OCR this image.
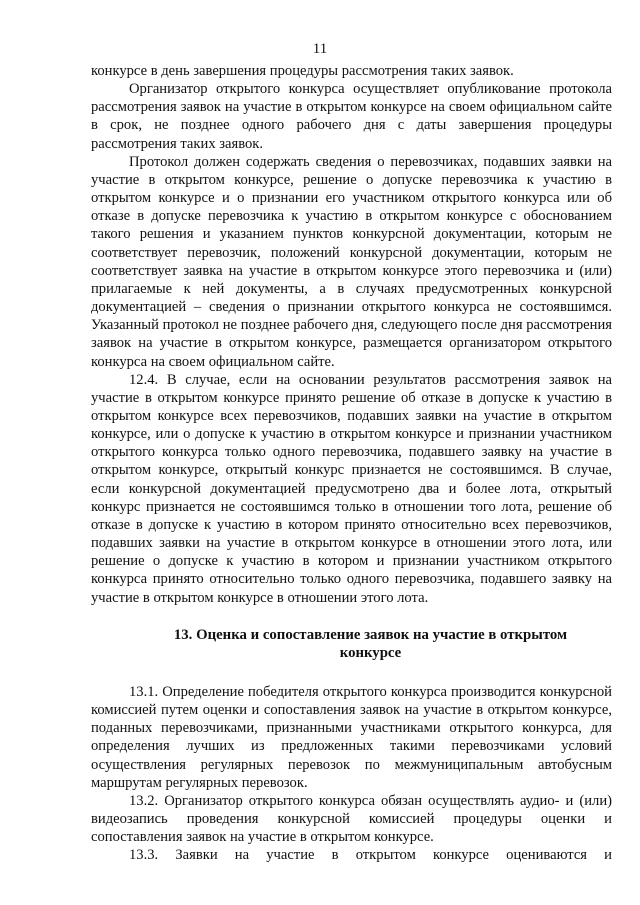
11

конкурсе в день завершения процедуры рассмотрения таких заявок.

Организатор открытого конкурса осуществляет опубликование протокола рассмотрения заявок на участие в открытом конкурсе на своем официальном сайте в срок, не позднее одного рабочего дня с даты завершения процедуры рассмотрения таких заявок.

Протокол должен содержать сведения о перевозчиках, подавших заявки на участие в открытом конкурсе, решение о допуске перевозчика к участию в открытом конкурсе и о признании его участником открытого конкурса или об отказе в допуске перевозчика к участию в открытом конкурсе с обоснованием такого решения и указанием пунктов конкурсной документации, которым не соответствует перевозчик, положений конкурсной документации, которым не соответствует заявка на участие в открытом конкурсе этого перевозчика и (или) прилагаемые к ней документы, а в случаях предусмотренных конкурсной документацией – сведения о признании открытого конкурса не состоявшимся. Указанный протокол не позднее рабочего дня, следующего после дня рассмотрения заявок на участие в открытом конкурсе, размещается организатором открытого конкурса на своем официальном сайте.

12.4. В случае, если на основании результатов рассмотрения заявок на участие в открытом конкурсе принято решение об отказе в допуске к участию в открытом конкурсе всех перевозчиков, подавших заявки на участие в открытом конкурсе, или о допуске к участию в открытом конкурсе и признании участником открытого конкурса только одного перевозчика, подавшего заявку на участие в открытом конкурсе, открытый конкурс признается не состоявшимся. В случае, если конкурсной документацией предусмотрено два и более лота, открытый конкурс признается не состоявшимся только в отношении того лота, решение об отказе в допуске к участию в котором принято относительно всех перевозчиков, подавших заявки на участие в открытом конкурсе в отношении этого лота, или решение о допуске к участию в котором и признании участником открытого конкурса принято относительно только одного перевозчика, подавшего заявку на участие в открытом конкурсе в отношении этого лота.

13. Оценка и сопоставление заявок на участие в открытом
конкурсе

13.1. Определение победителя открытого конкурса производится конкурсной комиссией путем оценки и сопоставления заявок на участие в открытом конкурсе, поданных перевозчиками, признанными участниками открытого конкурса, для определения лучших из предложенных такими перевозчиками условий осуществления регулярных перевозок по межмуниципальным автобусным маршрутам регулярных перевозок.

13.2. Организатор открытого конкурса обязан осуществлять аудио- и (или) видеозапись проведения конкурсной комиссией процедуры оценки и сопоставления заявок на участие в открытом конкурсе.

13.3. Заявки на участие в открытом конкурсе оцениваются и
